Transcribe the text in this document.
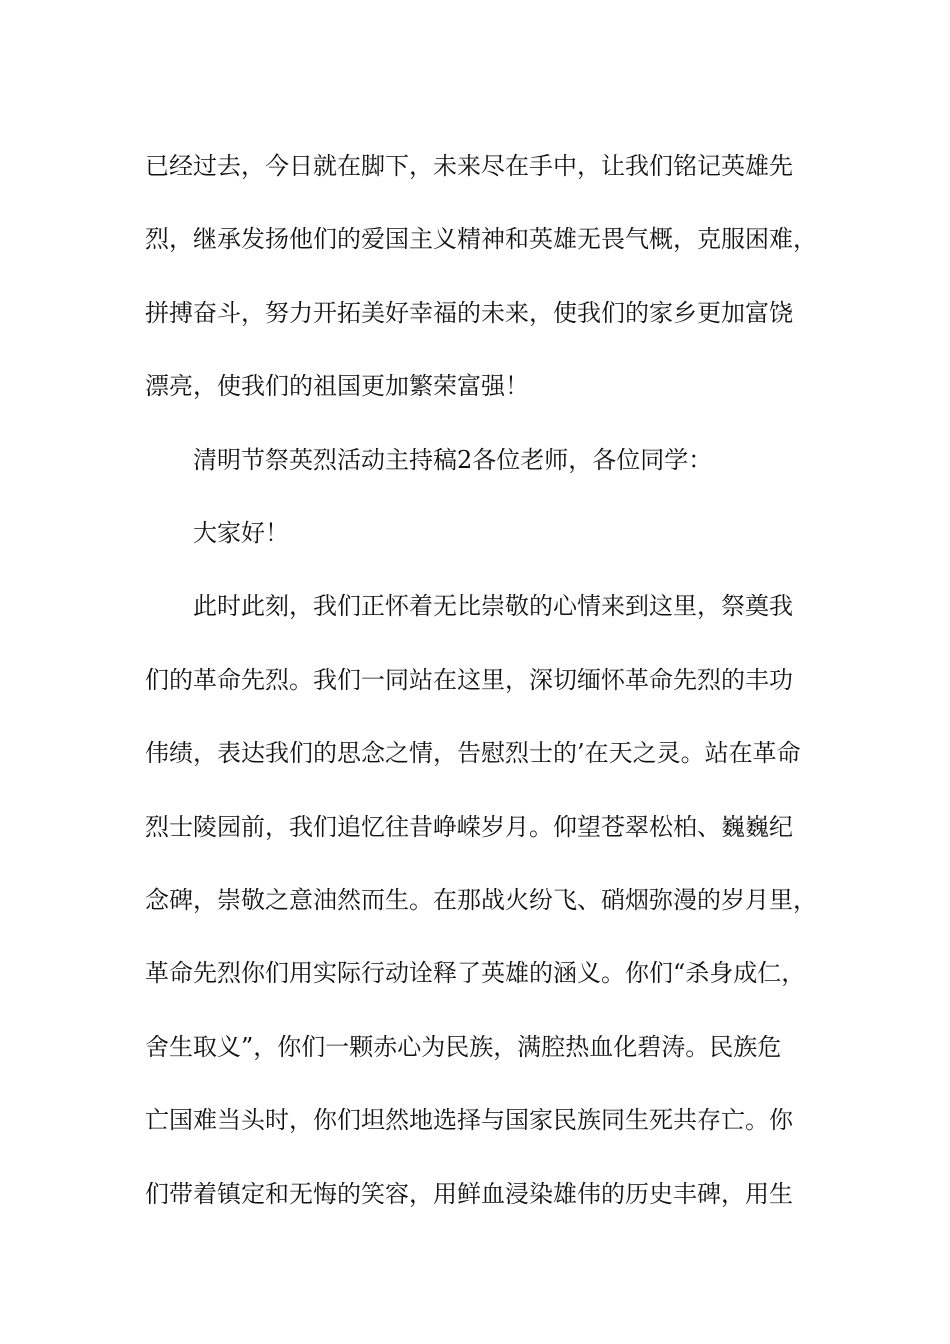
已经过去，今日就在脚下，未来尽在手中，让我们铭记英雄先
烈，继承发扬他们的爱国主义精神和英雄无畏气概，克服困难，
拼搏奋斗，努力开拓美好幸福的未来，使我们的家乡更加富饶
漂亮，使我们的祖国更加繁荣富强！

清明节祭英烈活动主持稿2各位老师，各位同学：

大家好！

此时此刻，我们正怀着无比崇敬的心情来到这里，祭奠我
们的革命先烈。我们一同站在这里，深切缅怀革命先烈的丰功
伟绩，表达我们的思念之情，告慰烈士的’在天之灵。站在革命
烈士陵园前，我们追忆往昔峥嵘岁月。仰望苍翠松柏、巍巍纪
念碑，崇敬之意油然而生。在那战火纷飞、硝烟弥漫的岁月里，
革命先烈你们用实际行动诠释了英雄的涵义。你们“杀身成仁，
舍生取义”，你们一颗赤心为民族，满腔热血化碧涛。民族危
亡国难当头时，你们坦然地选择与国家民族同生死共存亡。你
们带着镇定和无悔的笑容，用鲜血浸染雄伟的历史丰碑，用生
